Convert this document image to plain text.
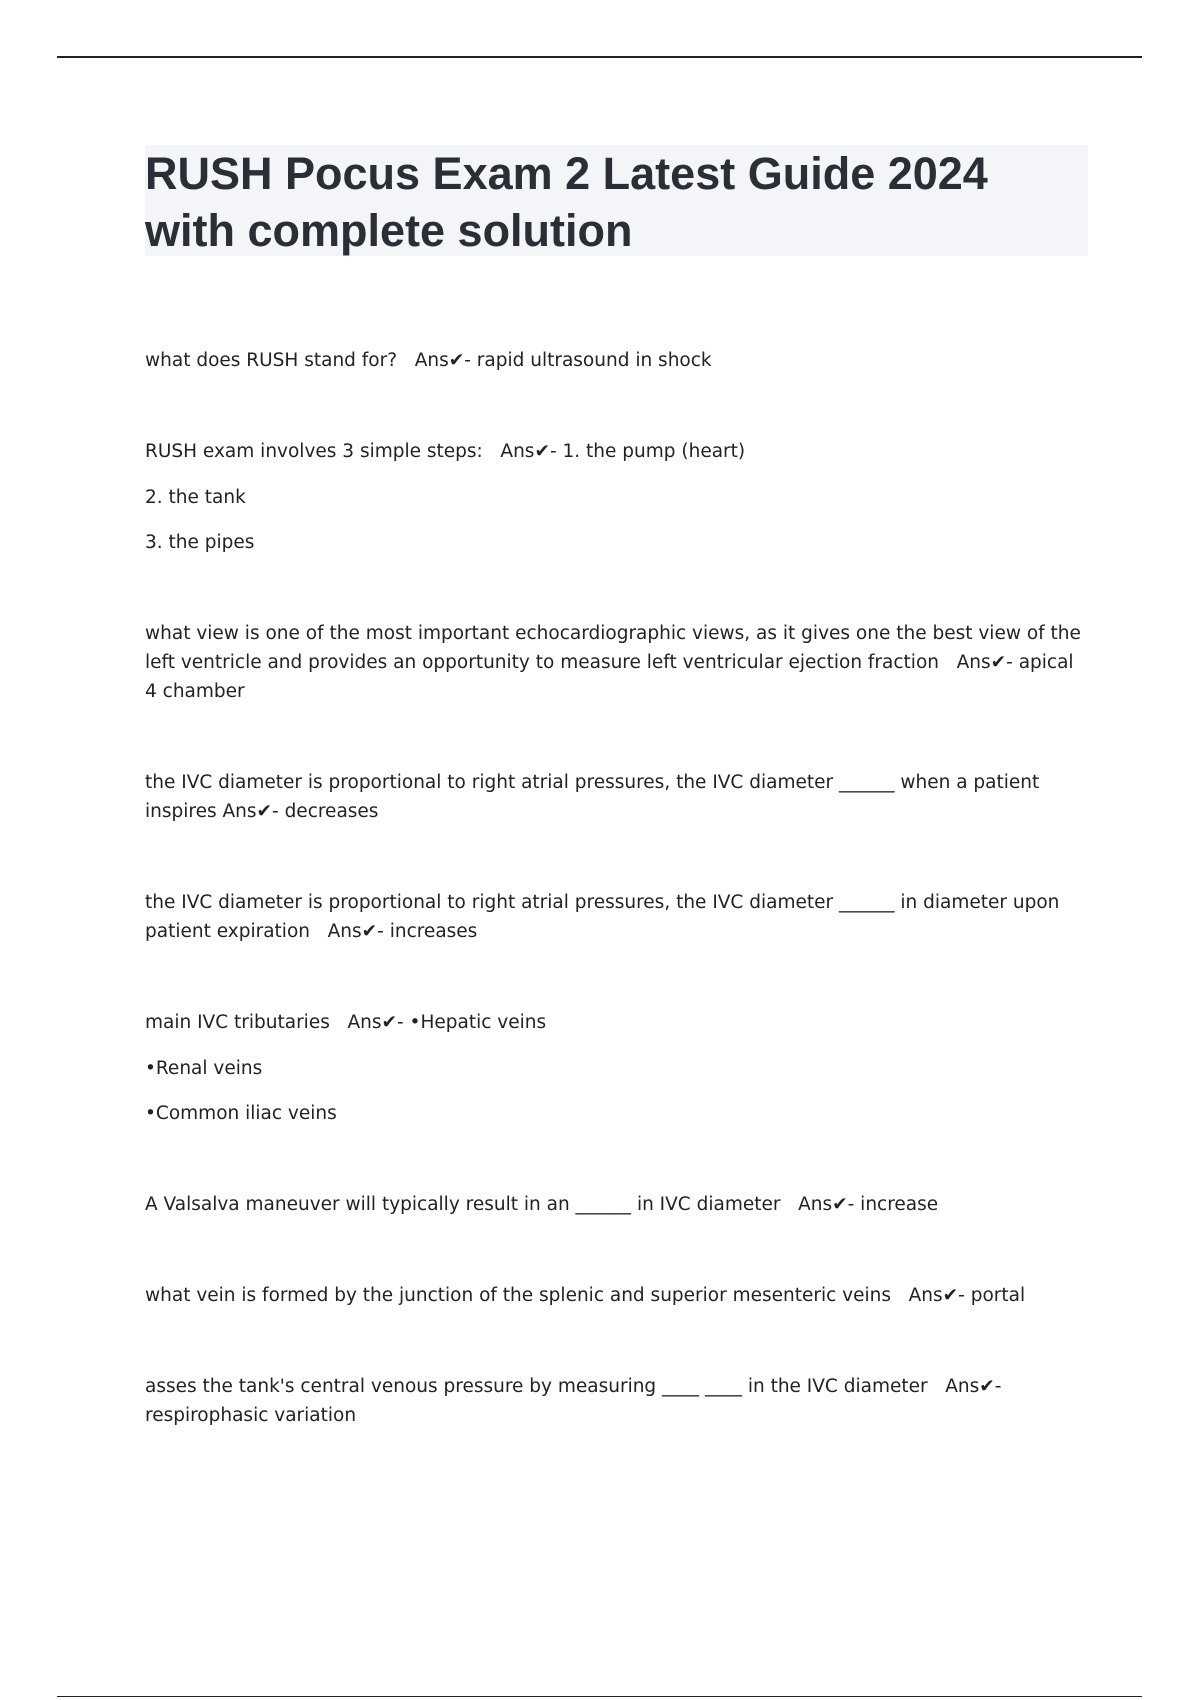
RUSH Pocus Exam 2 Latest Guide 2024 with complete solution
what does RUSH stand for?   Ans✔- rapid ultrasound in shock
RUSH exam involves 3 simple steps:   Ans✔- 1. the pump (heart)
2. the tank
3. the pipes
what view is one of the most important echocardiographic views, as it gives one the best view of the left ventricle and provides an opportunity to measure left ventricular ejection fraction   Ans✔- apical 4 chamber
the IVC diameter is proportional to right atrial pressures, the IVC diameter ______ when a patient inspires Ans✔- decreases
the IVC diameter is proportional to right atrial pressures, the IVC diameter ______ in diameter upon patient expiration   Ans✔- increases
main IVC tributaries   Ans✔- •Hepatic veins
•Renal veins
•Common iliac veins
A Valsalva maneuver will typically result in an ______ in IVC diameter   Ans✔- increase
what vein is formed by the junction of the splenic and superior mesenteric veins   Ans✔- portal
asses the tank's central venous pressure by measuring ____ ____ in the IVC diameter   Ans✔- respirophasic variation
